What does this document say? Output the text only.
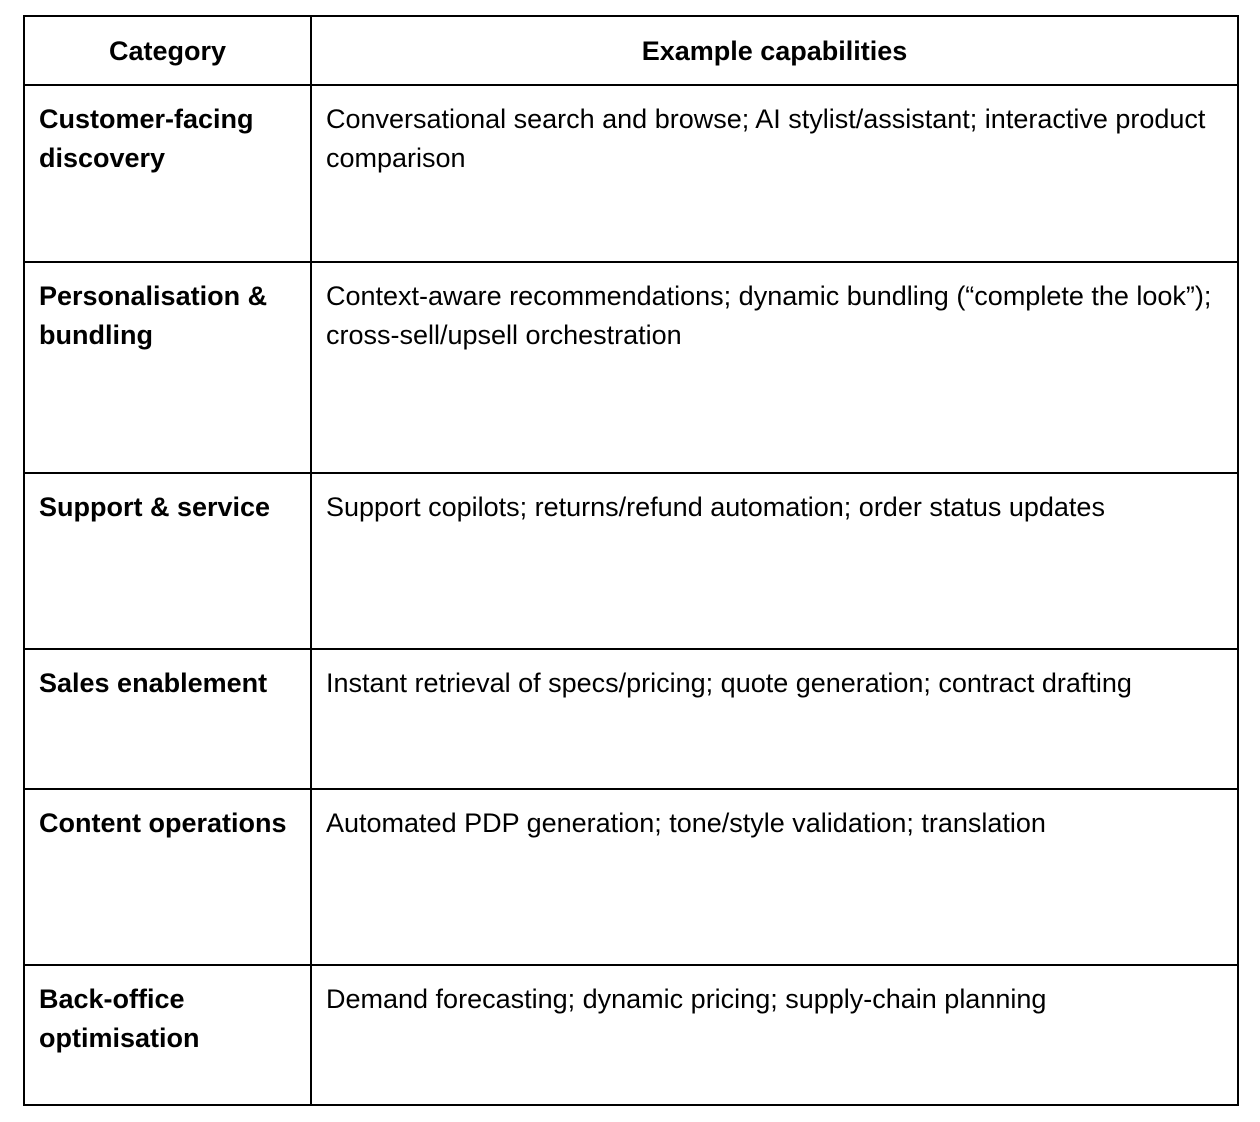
Category	Example capabilities
Customer-facing discovery	Conversational search and browse; AI stylist/assistant; interactive product comparison
Personalisation & bundling	Context-aware recommendations; dynamic bundling (“complete the look”); cross-sell/upsell orchestration
Support & service	Support copilots; returns/refund automation; order status updates
Sales enablement	Instant retrieval of specs/pricing; quote generation; contract drafting
Content operations	Automated PDP generation; tone/style validation; translation
Back-office optimisation	Demand forecasting; dynamic pricing; supply-chain planning
